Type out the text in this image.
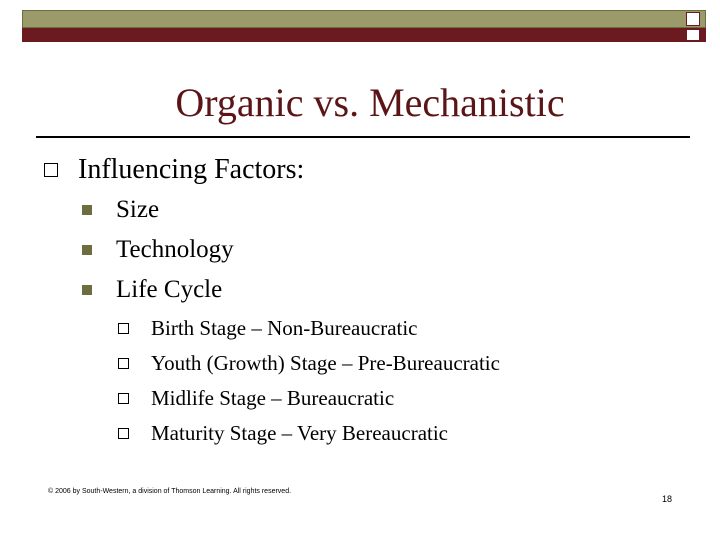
Organic vs. Mechanistic
Influencing Factors:
Size
Technology
Life Cycle
Birth Stage – Non-Bureaucratic
Youth (Growth) Stage – Pre-Bureaucratic
Midlife Stage – Bureaucratic
Maturity Stage – Very Bereaucratic
© 2006 by South-Western, a division of Thomson Learning. All rights reserved.
18
